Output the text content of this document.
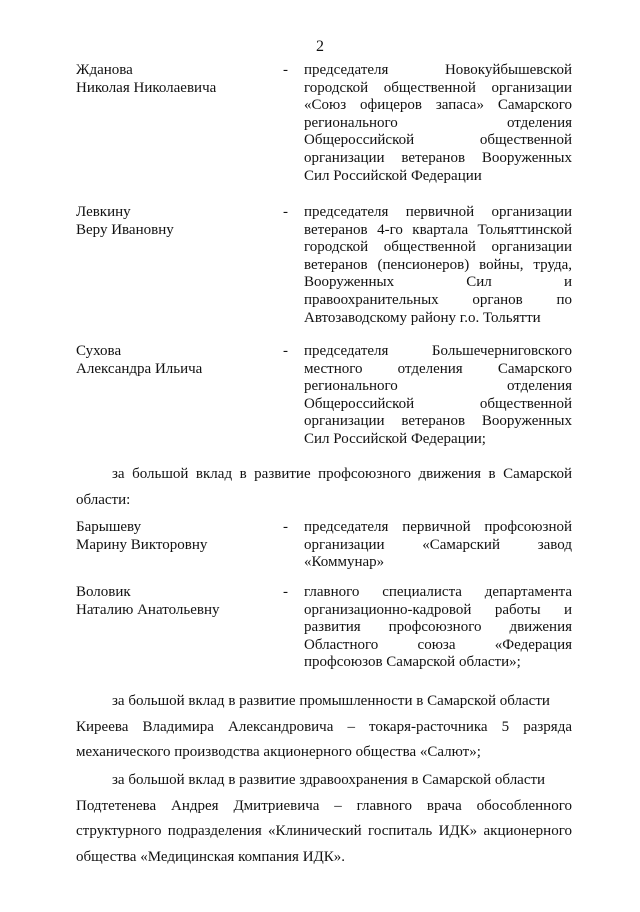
2
Жданова
Николая Николаевича
- председателя Новокуйбышевской городской общественной организации «Союз офицеров запаса» Самарского регионального отделения Общероссийской общественной организации ветеранов Вооруженных Сил Российской Федерации
Левкину
Веру Ивановну
- председателя первичной организации ветеранов 4-го квартала Тольяттинской городской общественной организации ветеранов (пенсионеров) войны, труда, Вооруженных Сил и правоохранительных органов по Автозаводскому району г.о. Тольятти
Сухова
Александра Ильича
- председателя Большечерниговского местного отделения Самарского регионального отделения Общероссийской общественной организации ветеранов Вооруженных Сил Российской Федерации;

за большой вклад в развитие профсоюзного движения в Самарской области:

Барышеву
Марину Викторовну
- председателя первичной профсоюзной организации «Самарский завод «Коммунар»
Воловик
Наталию Анатольевну
- главного специалиста департамента организационно-кадровой работы и развития профсоюзного движения Областного союза «Федерация профсоюзов Самарской области»;

за большой вклад в развитие промышленности в Самарской области

Киреева Владимира Александровича – токаря-расточника 5 разряда механического производства акционерного общества «Салют»;

за большой вклад в развитие здравоохранения в Самарской области

Подтетенева Андрея Дмитриевича – главного врача обособленного структурного подразделения «Клинический госпиталь ИДК» акционерного общества «Медицинская компания ИДК».
